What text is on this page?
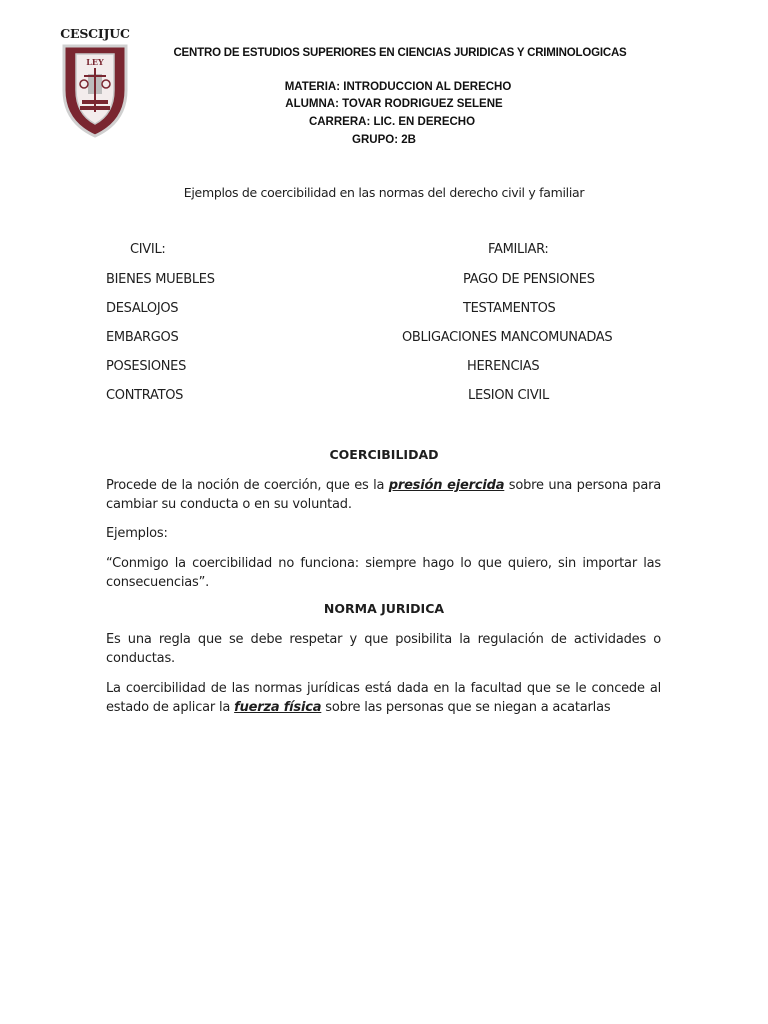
CESCIJUC
LEY
CENTRO DE ESTUDIOS SUPERIORES EN CIENCIAS JURIDICAS Y CRIMINOLOGICAS
MATERIA: INTRODUCCION AL DERECHO
ALUMNA: TOVAR RODRIGUEZ SELENE
CARRERA: LIC. EN DERECHO
GRUPO: 2B
Ejemplos de coercibilidad en las normas del derecho civil y familiar
CIVIL:	FAMILIAR:
BIENES MUEBLES
DESALOJOS
EMBARGOS
POSESIONES
CONTRATOS
PAGO DE PENSIONES
TESTAMENTOS
OBLIGACIONES MANCOMUNADAS
HERENCIAS
LESION CIVIL
COERCIBILIDAD
Procede de la noción de coerción, que es la presión ejercida sobre una persona para cambiar su conducta o en su voluntad.
Ejemplos:
“Conmigo la coercibilidad no funciona: siempre hago lo que quiero, sin importar las consecuencias”.
NORMA JURIDICA
Es una regla que se debe respetar y que posibilita la regulación de actividades o conductas.
La coercibilidad de las normas jurídicas está dada en la facultad que se le concede al estado de aplicar la fuerza física sobre las personas que se niegan a acatarlas
